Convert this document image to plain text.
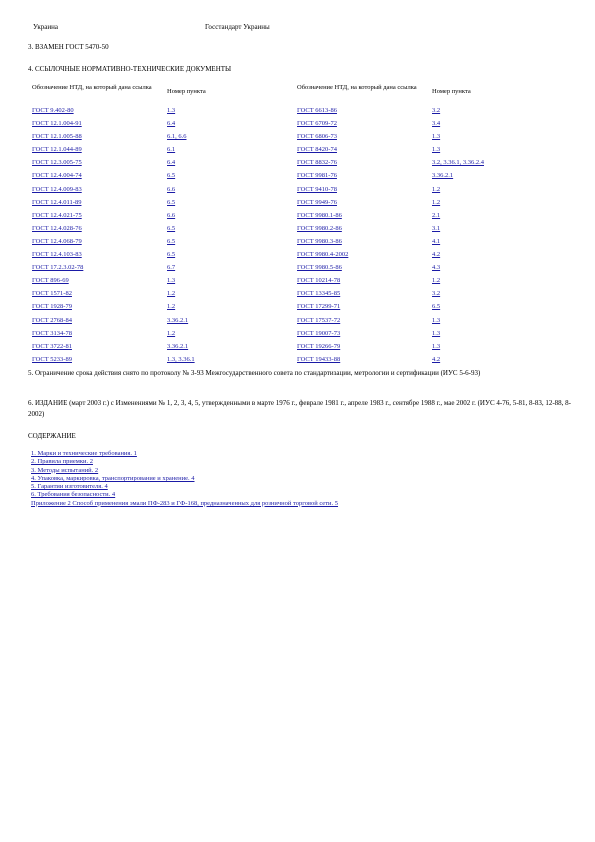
Украина	Госстандарт Украины
3. ВЗАМЕН ГОСТ 5470-50
4. ССЫЛОЧНЫЕ НОРМАТИВНО-ТЕХНИЧЕСКИЕ ДОКУМЕНТЫ
Обозначение НТД, на который дана ссылка
Номер пункта
ГОСТ 9.402-80	1.3
ГОСТ 12.1.004-91	6.4
ГОСТ 12.1.005-88	6.1, 6.6
ГОСТ 12.1.044-89	6.1
ГОСТ 12.3.005-75	6.4
ГОСТ 12.4.004-74	6.5
ГОСТ 12.4.009-83	6.6
ГОСТ 12.4.011-89	6.5
ГОСТ 12.4.021-75	6.6
ГОСТ 12.4.028-76	6.5
ГОСТ 12.4.068-79	6.5
ГОСТ 12.4.103-83	6.5
ГОСТ 17.2.3.02-78	6.7
ГОСТ 896-69	1.3
ГОСТ 1571-82	1.2
ГОСТ 1928-79	1.2
ГОСТ 2768-84	3.36.2.1
ГОСТ 3134-78	1.2
ГОСТ 3722-81	3.36.2.1
ГОСТ 5233-89	1.3, 3.36.1
Обозначение НТД, на который дана ссылка
Номер пункта
ГОСТ 6613-86	3.2
ГОСТ 6709-72	3.4
ГОСТ 6806-73	1.3
ГОСТ 8420-74	1.3
ГОСТ 8832-76	3.2, 3.36.1, 3.36.2.4
ГОСТ 9981-76	3.36.2.1
ГОСТ 9410-78	1.2
ГОСТ 9949-76	1.2
ГОСТ 9980.1-86	2.1
ГОСТ 9980.2-86	3.1
ГОСТ 9980.3-86	4.1
ГОСТ 9980.4-2002	4.2
ГОСТ 9980.5-86	4.3
ГОСТ 10214-78	1.2
ГОСТ 13345-85	3.2
ГОСТ 17299-71	6.5
ГОСТ 17537-72	1.3
ГОСТ 19007-73	1.3
ГОСТ 19266-79	1.3
ГОСТ 19433-88	4.2
5. Ограничение срока действия снято по протоколу № 3-93 Межгосударственного совета по стандартизации, метрологии и сертификации (ИУС 5-6-93)
6. ИЗДАНИЕ (март 2003 г.) с Изменениями № 1, 2, 3, 4, 5, утвержденными в марте 1976 г., феврале 1981 г., апреле 1983 г., сентябре 1988 г., мае 2002 г. (ИУС 4-76, 5-81, 8-83, 12-88, 8-2002)
СОДЕРЖАНИЕ
1. Марки и технические требования. 1
2. Правила приемки. 2
3. Методы испытаний. 2
4. Упаковка, маркировка, транспортирование и хранение. 4
5. Гарантии изготовителя. 4
6. Требования безопасности. 4
Приложение 2 Способ применения эмали ПФ-283 и ГФ-168, предназначенных для розничной торговой сети. 5
